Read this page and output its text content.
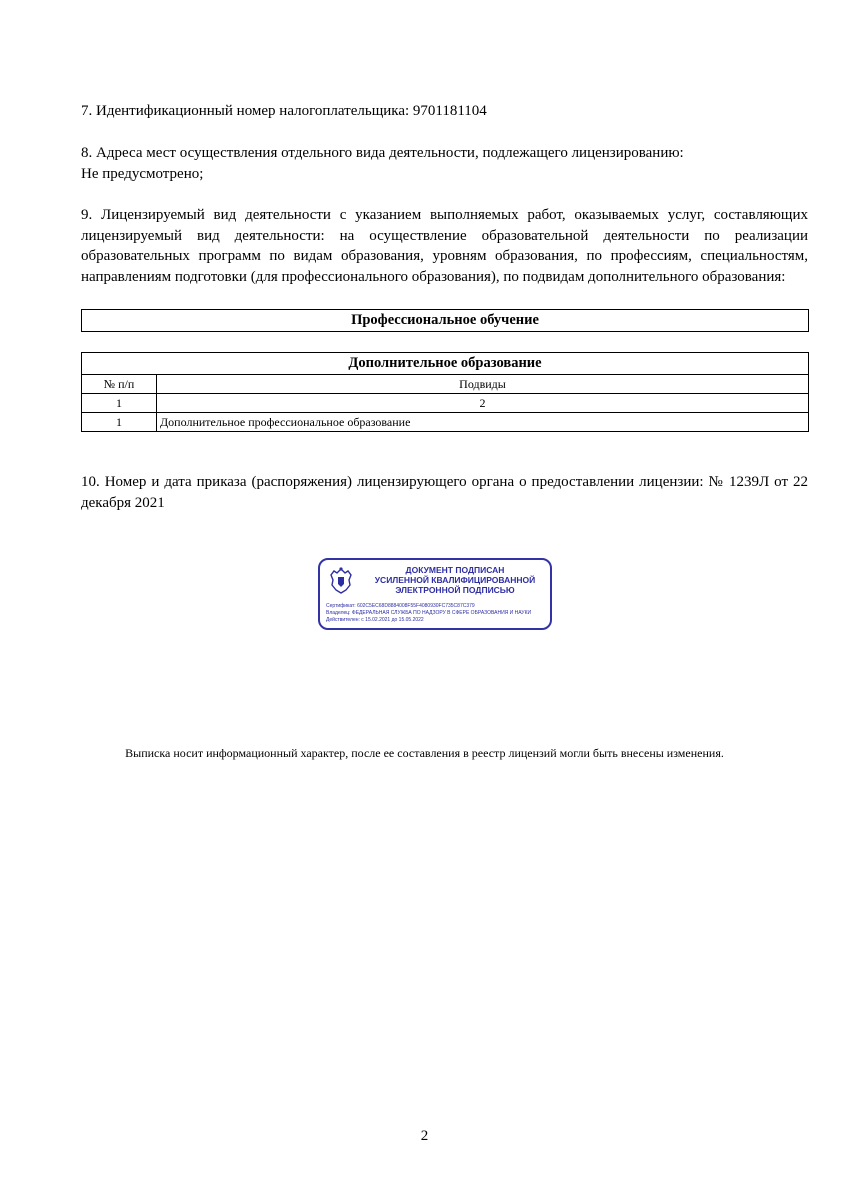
7. Идентификационный номер налогоплательщика: 9701181104
8. Адреса мест осуществления отдельного вида деятельности, подлежащего лицензированию:
Не предусмотрено;
9. Лицензируемый вид деятельности с указанием выполняемых работ, оказываемых услуг, составляющих лицензируемый вид деятельности: на осуществление образовательной деятельности по реализации образовательных программ по видам образования, уровням образования, по профессиям, специальностям, направлениям подготовки (для профессионального образования), по подвидам дополнительного образования:
Профессиональное обучение
Дополнительное образование	
№ п/п	Подвиды
1	2
1	Дополнительное профессиональное образование
10. Номер и дата приказа (распоряжения) лицензирующего органа о предоставлении лицензии: № 1239Л от 22 декабря 2021
ДОКУМЕНТ ПОДПИСАН
УСИЛЕННОЙ КВАЛИФИЦИРОВАННОЙ
ЭЛЕКТРОННОЙ ПОДПИСЬЮ
Сертификат: 602C5EC68D8884008F55F4080930FC735C87C379
Владелец: ФЕДЕРАЛЬНАЯ СЛУЖБА ПО НАДЗОРУ В СФЕРЕ ОБРАЗОВАНИЯ И НАУКИ
Действителен: с 15.02.2021 до 15.05.2022
Выписка носит информационный характер, после ее составления в реестр лицензий могли быть внесены изменения.
2
